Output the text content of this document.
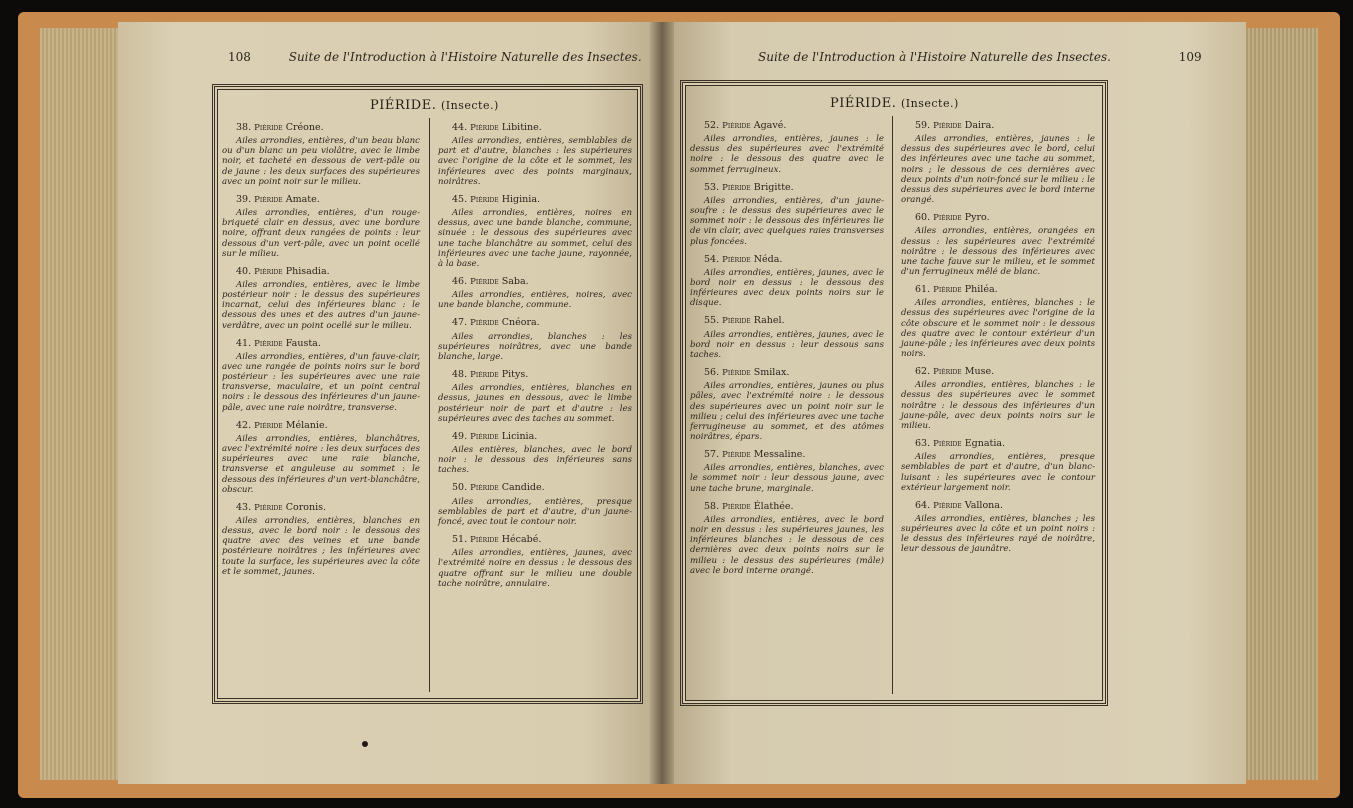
108	Suite de l'Introduction à l'Histoire Naturelle des Insectes.
PIÉRIDE. (Insecte.)

38. Piéride Créone.

Ailes arrondies, entières, d'un beau blanc ou d'un blanc un peu violâtre, avec le limbe noir, et tacheté en dessous de vert-pâle ou de jaune : les deux surfaces des supérieures avec un point noir sur le milieu.

39. Piéride Amate.

Ailes arrondies, entières, d'un rouge-briqueté clair en dessus, avec une bordure noire, offrant deux rangées de points : leur dessous d'un vert-pâle, avec un point ocellé sur le milieu.

40. Piéride Phisadia.

Ailes arrondies, entières, avec le limbe postérieur noir : le dessus des supérieures incarnat, celui des inférieures blanc : le dessous des unes et des autres d'un jaune-verdâtre, avec un point ocellé sur le milieu.

41. Piéride Fausta.

Ailes arrondies, entières, d'un fauve-clair, avec une rangée de points noirs sur le bord postérieur : les supérieures avec une raie transverse, maculaire, et un point central noirs : le dessous des inférieures d'un jaune-pâle, avec une raie noirâtre, transverse.

42. Piéride Mélanie.

Ailes arrondies, entières, blanchâtres, avec l'extrémité noire : les deux surfaces des supérieures avec une raie blanche, transverse et anguleuse au sommet : le dessous des inférieures d'un vert-blanchâtre, obscur.

43. Piéride Coronis.

Ailes arrondies, entières, blanches en dessus, avec le bord noir : le dessous des quatre avec des veines et une bande postérieure noirâtres ; les inférieures avec toute la surface, les supérieures avec la côte et le sommet, jaunes.

44. Piéride Libitine.

Ailes arrondies, entières, semblables de part et d'autre, blanches : les supérieures avec l'origine de la côte et le sommet, les inférieures avec des points marginaux, noirâtres.

45. Piéride Higinia.

Ailes arrondies, entières, noires en dessus, avec une bande blanche, commune, sinuée : le dessous des supérieures avec une tache blanchâtre au sommet, celui des inférieures avec une tache jaune, rayonnée, à la base.

46. Piéride Saba.

Ailes arrondies, entières, noires, avec une bande blanche, commune.

47. Piéride Cnéora.

Ailes arrondies, blanches : les supérieures noirâtres, avec une bande blanche, large.

48. Piéride Pitys.

Ailes arrondies, entières, blanches en dessus, jaunes en dessous, avec le limbe postérieur noir de part et d'autre : les supérieures avec des taches au sommet.

49. Piéride Licinia.

Ailes entières, blanches, avec le bord noir : le dessous des inférieures sans taches.

50. Piéride Candide.

Ailes arrondies, entières, presque semblables de part et d'autre, d'un jaune-foncé, avec tout le contour noir.

51. Piéride Hécabé.

Ailes arrondies, entières, jaunes, avec l'extrémité noire en dessus : le dessous des quatre offrant sur le milieu une double tache noirâtre, annulaire.

Suite de l'Introduction à l'Histoire Naturelle des Insectes.	109
PIÉRIDE. (Insecte.)

52. Piéride Agavé.

Ailes arrondies, entières, jaunes : le dessus des supérieures avec l'extrémité noire : le dessous des quatre avec le sommet ferrugineux.

53. Piéride Brigitte.

Ailes arrondies, entières, d'un jaune-soufre : le dessus des supérieures avec le sommet noir : le dessous des inférieures lie de vin clair, avec quelques raies transverses plus foncées.

54. Piéride Néda.

Ailes arrondies, entières, jaunes, avec le bord noir en dessus : le dessous des inférieures avec deux points noirs sur le disque.

55. Piéride Rahel.

Ailes arrondies, entières, jaunes, avec le bord noir en dessus : leur dessous sans taches.

56. Piéride Smilax.

Ailes arrondies, entières, jaunes ou plus pâles, avec l'extrémité noire : le dessous des supérieures avec un point noir sur le milieu ; celui des inférieures avec une tache ferrugineuse au sommet, et des atômes noirâtres, épars.

57. Piéride Messaline.

Ailes arrondies, entières, blanches, avec le sommet noir : leur dessous jaune, avec une tache brune, marginale.

58. Piéride Élathée.

Ailes arrondies, entières, avec le bord noir en dessus : les supérieures jaunes, les inférieures blanches : le dessous de ces dernières avec deux points noirs sur le milieu : le dessus des supérieures (mâle) avec le bord interne orangé.

59. Piéride Daira.

Ailes arrondies, entières, jaunes : le dessus des supérieures avec le bord, celui des inférieures avec une tache au sommet, noirs ; le dessous de ces dernières avec deux points d'un noir-foncé sur le milieu : le dessus des supérieures avec le bord interne orangé.

60. Piéride Pyro.

Ailes arrondies, entières, orangées en dessus : les supérieures avec l'extrémité noirâtre : le dessous des inférieures avec une tache fauve sur le milieu, et le sommet d'un ferrugineux mêlé de blanc.

61. Piéride Philéa.

Ailes arrondies, entières, blanches : le dessus des supérieures avec l'origine de la côte obscure et le sommet noir : le dessous des quatre avec le contour extérieur d'un jaune-pâle ; les inférieures avec deux points noirs.

62. Piéride Muse.

Ailes arrondies, entières, blanches : le dessus des supérieures avec le sommet noirâtre : le dessous des inférieures d'un jaune-pâle, avec deux points noirs sur le milieu.

63. Piéride Egnatia.

Ailes arrondies, entières, presque semblables de part et d'autre, d'un blanc-luisant : les supérieures avec le contour extérieur largement noir.

64. Piéride Vallona.

Ailes arrondies, entières, blanches ; les supérieures avec la côte et un point noirs : le dessus des inférieures rayé de noirâtre, leur dessous de jaunâtre.
